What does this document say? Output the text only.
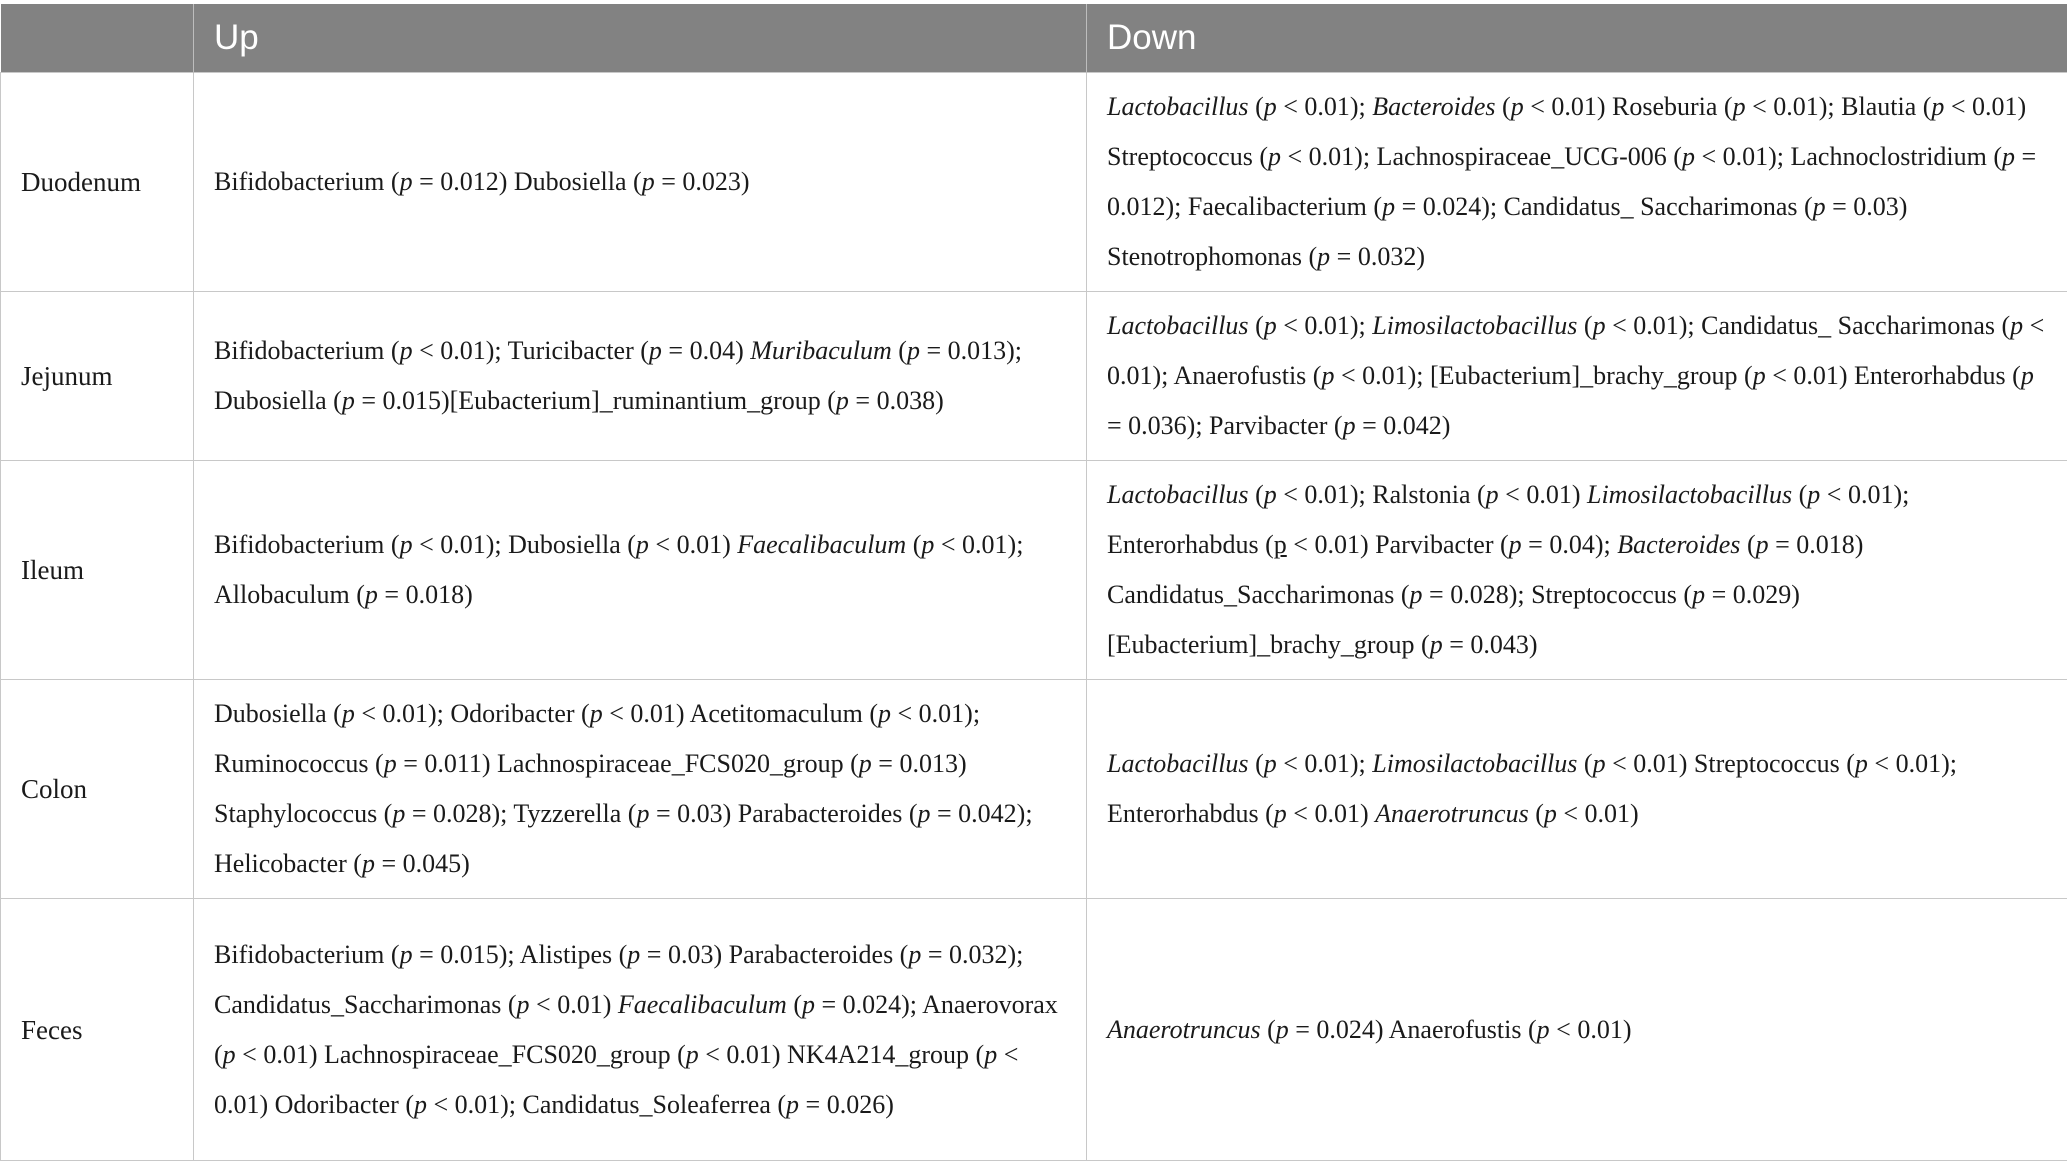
	Up	Down
Duodenum	Bifidobacterium (p = 0.012) Dubosiella (p = 0.023)	Lactobacillus (p < 0.01); Bacteroides (p < 0.01) Roseburia (p < 0.01); Blautia (p < 0.01) Streptococcus (p < 0.01); Lachnospiraceae_UCG-006 (p < 0.01); Lachnoclostridium (p = 0.012); Faecalibacterium (p = 0.024); Candidatus_ Saccharimonas (p = 0.03) Stenotrophomonas (p = 0.032)
Jejunum	Bifidobacterium (p < 0.01); Turicibacter (p = 0.04) Muribaculum (p = 0.013); Dubosiella (p = 0.015)[Eubacterium]_ruminantium_group (p = 0.038)	Lactobacillus (p < 0.01); Limosilactobacillus (p < 0.01); Candidatus_ Saccharimonas (p < 0.01); Anaerofustis (p < 0.01); [Eubacterium]_brachy_group (p < 0.01) Enterorhabdus (p = 0.036); Parvibacter (p = 0.042)
Ileum	Bifidobacterium (p < 0.01); Dubosiella (p < 0.01) Faecalibaculum (p < 0.01); Allobaculum (p = 0.018)	Lactobacillus (p < 0.01); Ralstonia (p < 0.01) Limosilactobacillus (p < 0.01); Enterorhabdus (p < 0.01) Parvibacter (p = 0.04); Bacteroides (p = 0.018) Candidatus_Saccharimonas (p = 0.028); Streptococcus (p = 0.029) [Eubacterium]_brachy_group (p = 0.043)
Colon	Dubosiella (p < 0.01); Odoribacter (p < 0.01) Acetitomaculum (p < 0.01); Ruminococcus (p = 0.011) Lachnospiraceae_FCS020_group (p = 0.013) Staphylococcus (p = 0.028); Tyzzerella (p = 0.03) Parabacteroides (p = 0.042); Helicobacter (p = 0.045)	Lactobacillus (p < 0.01); Limosilactobacillus (p < 0.01) Streptococcus (p < 0.01); Enterorhabdus (p < 0.01) Anaerotruncus (p < 0.01)
Feces	Bifidobacterium (p = 0.015); Alistipes (p = 0.03) Parabacteroides (p = 0.032); Candidatus_Saccharimonas (p < 0.01) Faecalibaculum (p = 0.024); Anaerovorax (p < 0.01) Lachnospiraceae_FCS020_group (p < 0.01) NK4A214_group (p < 0.01) Odoribacter (p < 0.01); Candidatus_Soleaferrea (p = 0.026)	Anaerotruncus (p = 0.024) Anaerofustis (p < 0.01)
